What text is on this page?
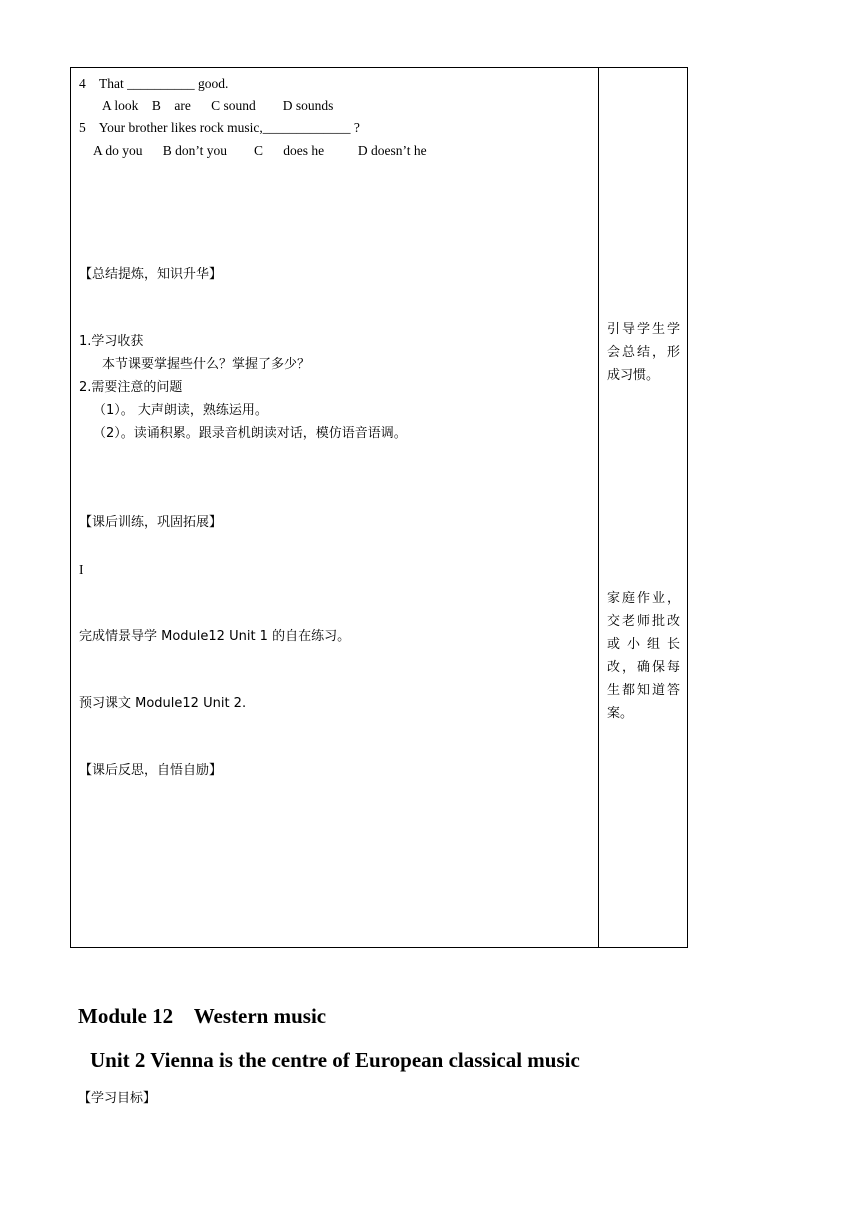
4    That __________ good.
A look    B    are      C sound        D sounds
5    Your brother likes rock music,_____________ ?
A do you      B don’t you        C      does he          D doesn’t he
【总结提炼，知识升华】
1.学习收获
本节课要掌握些什么？掌握了多少？
2.需要注意的问题
（1）。 大声朗读，熟练运用。
（2）。读诵积累。跟录音机朗读对话，模仿语音语调。
【课后训练，巩固拓展】
I
完成情景导学 Module12 Unit 1 的自在练习。
预习课文 Module12 Unit 2.
【课后反思，自悟自励】

引导学生学会总结，形成习惯。
家庭作业，交老师批改或小组长改，确保每生都知道答案。
Module 12    Western music
Unit 2 Vienna is the centre of European classical music
【学习目标】
